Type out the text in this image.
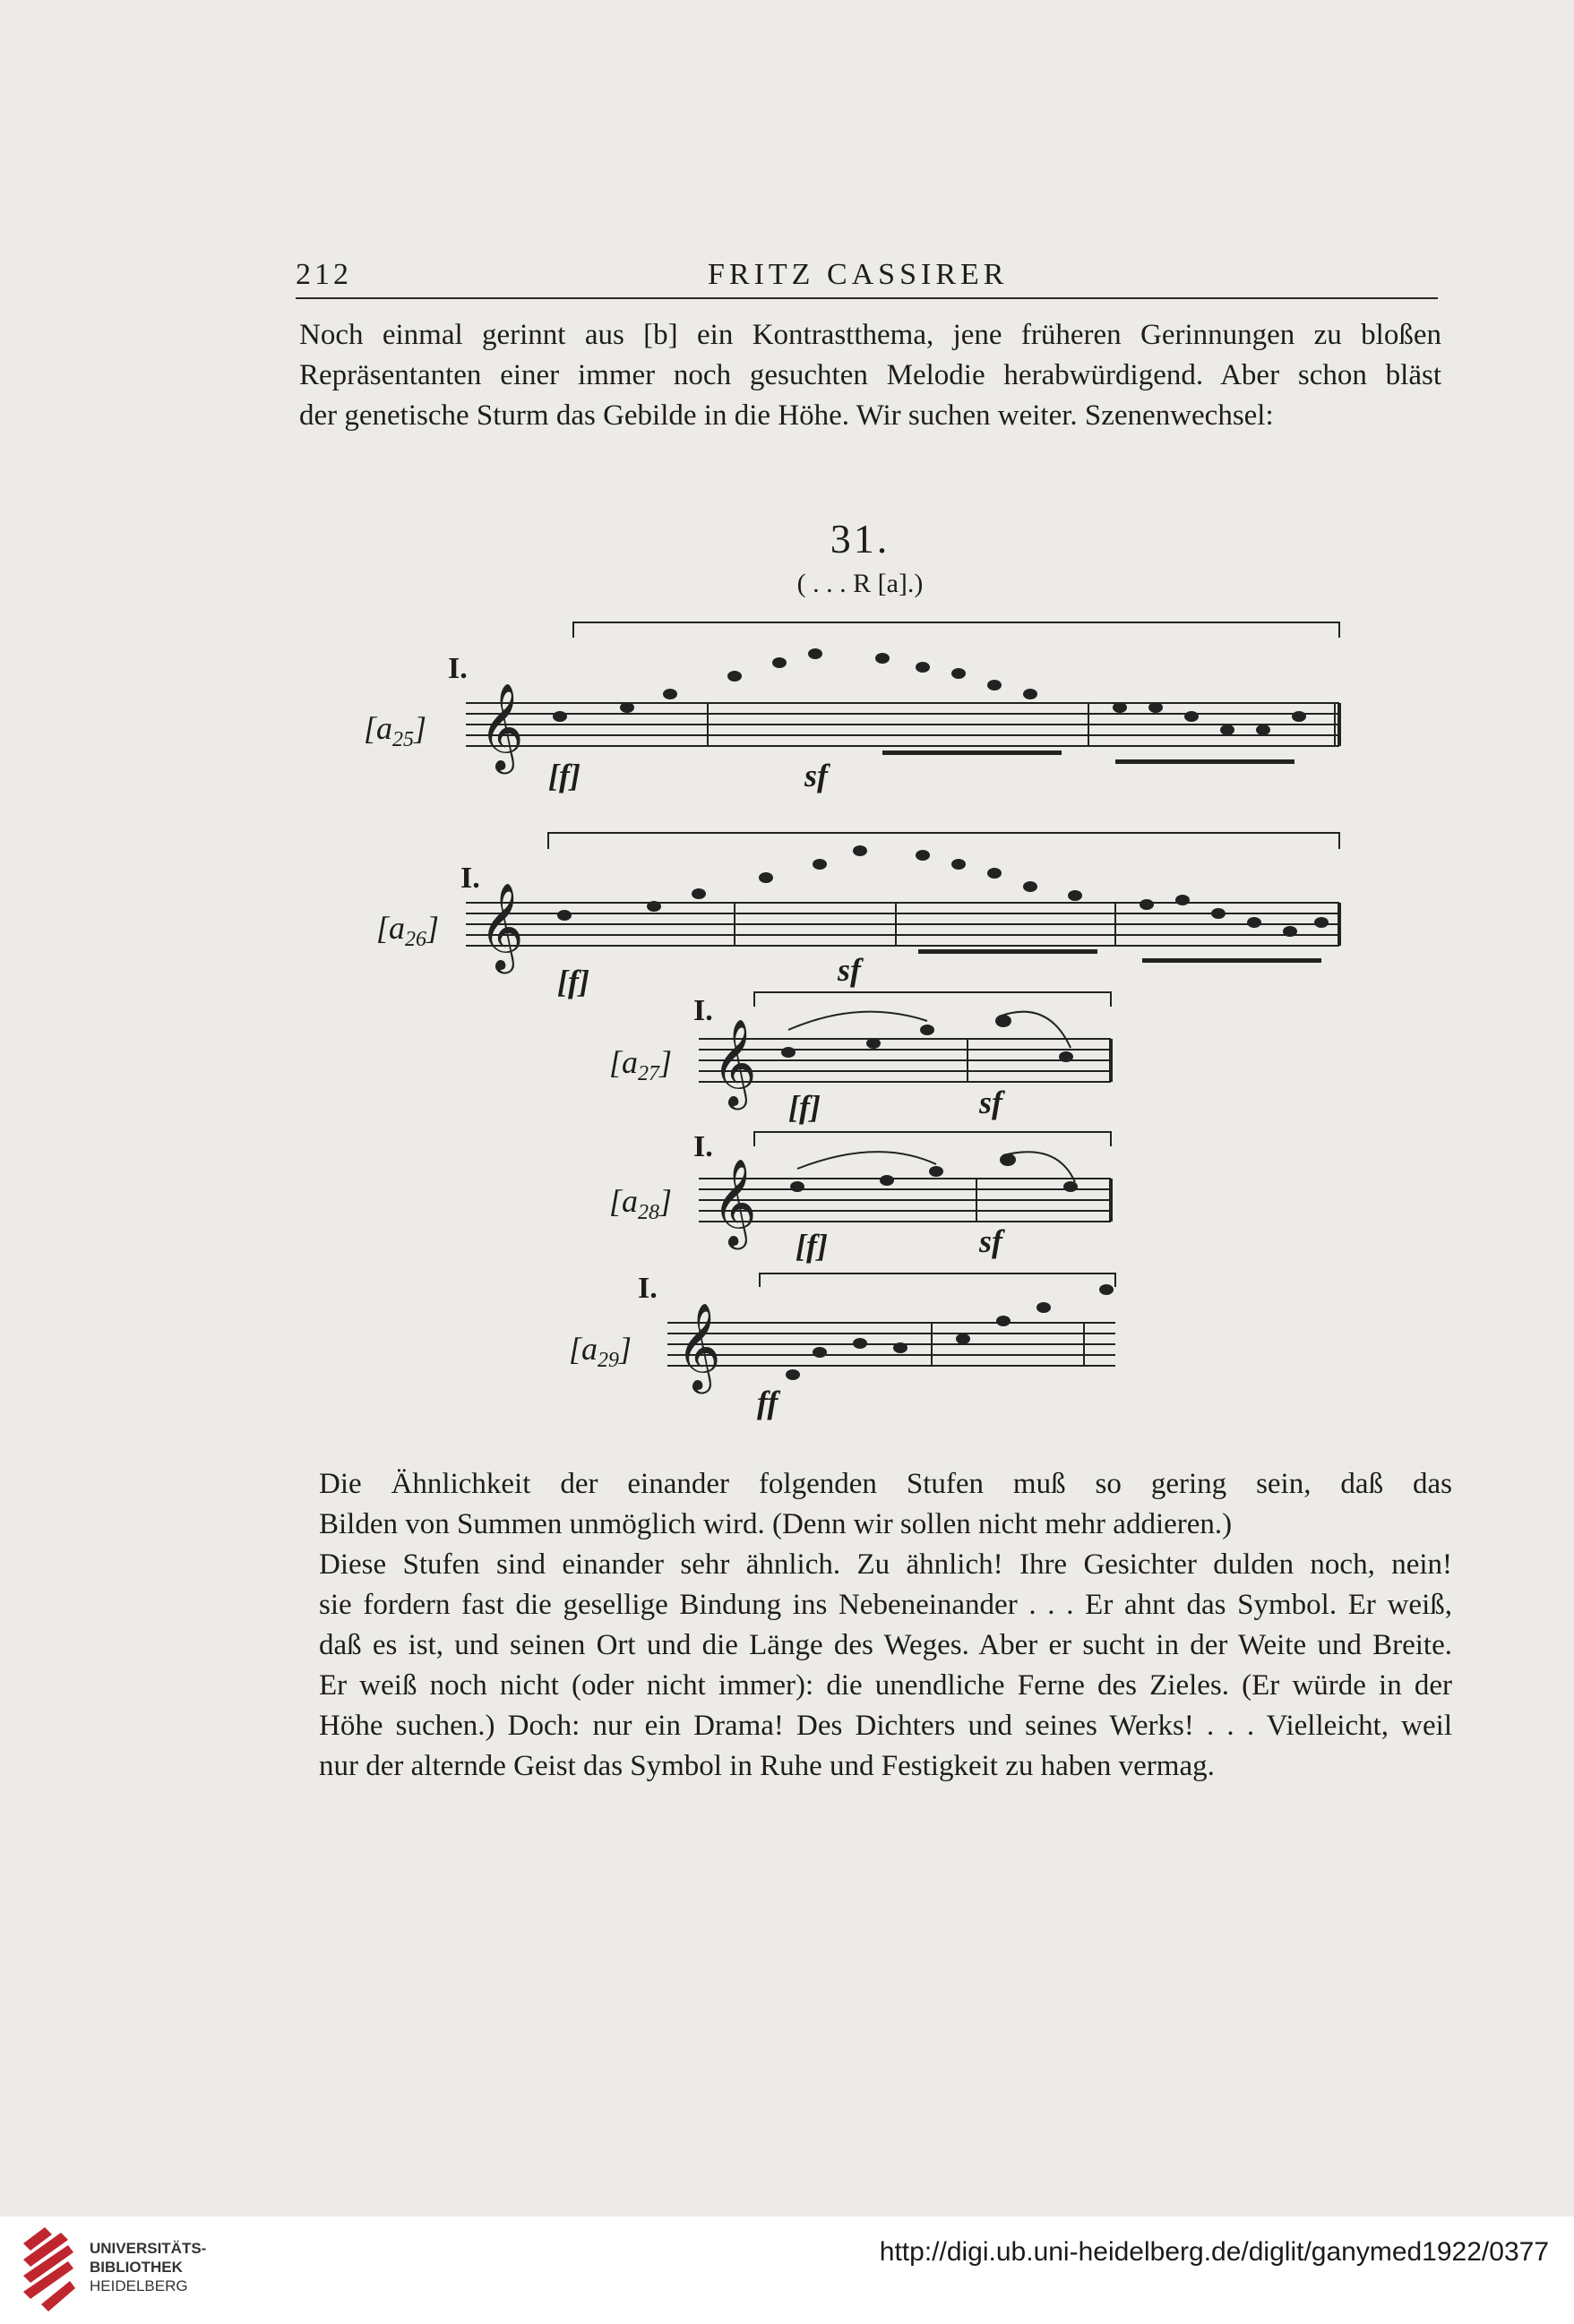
212	FRITZ CASSIRER
Noch einmal gerinnt aus [b] ein Kontrastthema, jene früheren Gerinnungen zu bloßen
Repräsentanten einer immer noch gesuchten Melodie herabwürdigend. Aber schon bläst
der genetische Sturm das Gebilde in die Höhe. Wir suchen weiter. Szenenwechsel:
31.
( . . . R [a].)
𝄞
𝄞
𝄞
𝄞
𝄞
$[a_{25}]$
I.
[f]	sf
$[a_{26}]$
I.
[f]	sf
$[a_{27}]$
I.
[f]	sf
$[a_{28}]$
I.
[f]	sf
$[a_{29}]$
I.
ff
Die Ähnlichkeit der einander folgenden Stufen muß so gering sein, daß das
Bilden von Summen unmöglich wird. (Denn wir sollen nicht mehr addieren.)
Diese Stufen sind einander sehr ähnlich. Zu ähnlich! Ihre Gesichter dulden noch, nein!
sie fordern fast die gesellige Bindung ins Nebeneinander . . . Er ahnt das Symbol. Er weiß,
daß es ist, und seinen Ort und die Länge des Weges. Aber er sucht in der Weite und Breite.
Er weiß noch nicht (oder nicht immer): die unendliche Ferne des Zieles. (Er würde in der
Höhe suchen.) Doch: nur ein Drama! Des Dichters und seines Werks! . . . Vielleicht, weil
nur der alternde Geist das Symbol in Ruhe und Festigkeit zu haben vermag.
UNIVERSITÄTS-
BIBLIOTHEK
HEIDELBERG
http://digi.ub.uni-heidelberg.de/diglit/ganymed1922/0377
